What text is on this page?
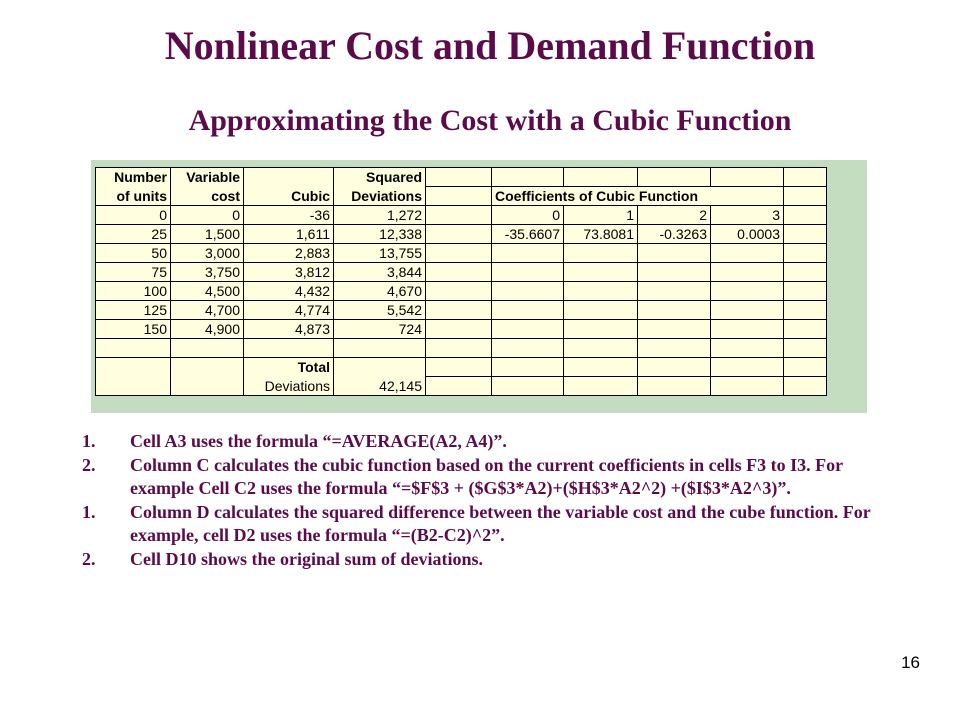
Nonlinear Cost and Demand Function
Approximating the Cost with a Cubic Function
Number	Variable		Squared						
of units	cost	Cubic	Deviations		Coefficients of Cubic Function				
0	0	-36	1,272		0	1	2	3	
25	1,500	1,611	12,338		-35.6607	73.8081	-0.3263	0.0003	
50	3,000	2,883	13,755						
75	3,750	3,812	3,844						
100	4,500	4,432	4,670						
125	4,700	4,774	5,542						
150	4,900	4,873	724						

		Total							
		Deviations	42,145						
1. Cell A3 uses the formula “=AVERAGE(A2, A4)”.
2. Column C calculates the cubic function based on the current coefficients in cells F3 to I3. For example Cell C2 uses the formula “=$F$3 + ($G$3*A2)+($H$3*A2^2) +($I$3*A2^3)”.
1. Column D calculates the squared difference between the variable cost and the cube function. For example, cell D2 uses the formula “=(B2-C2)^2”.
2. Cell D10 shows the original sum of deviations.
16
